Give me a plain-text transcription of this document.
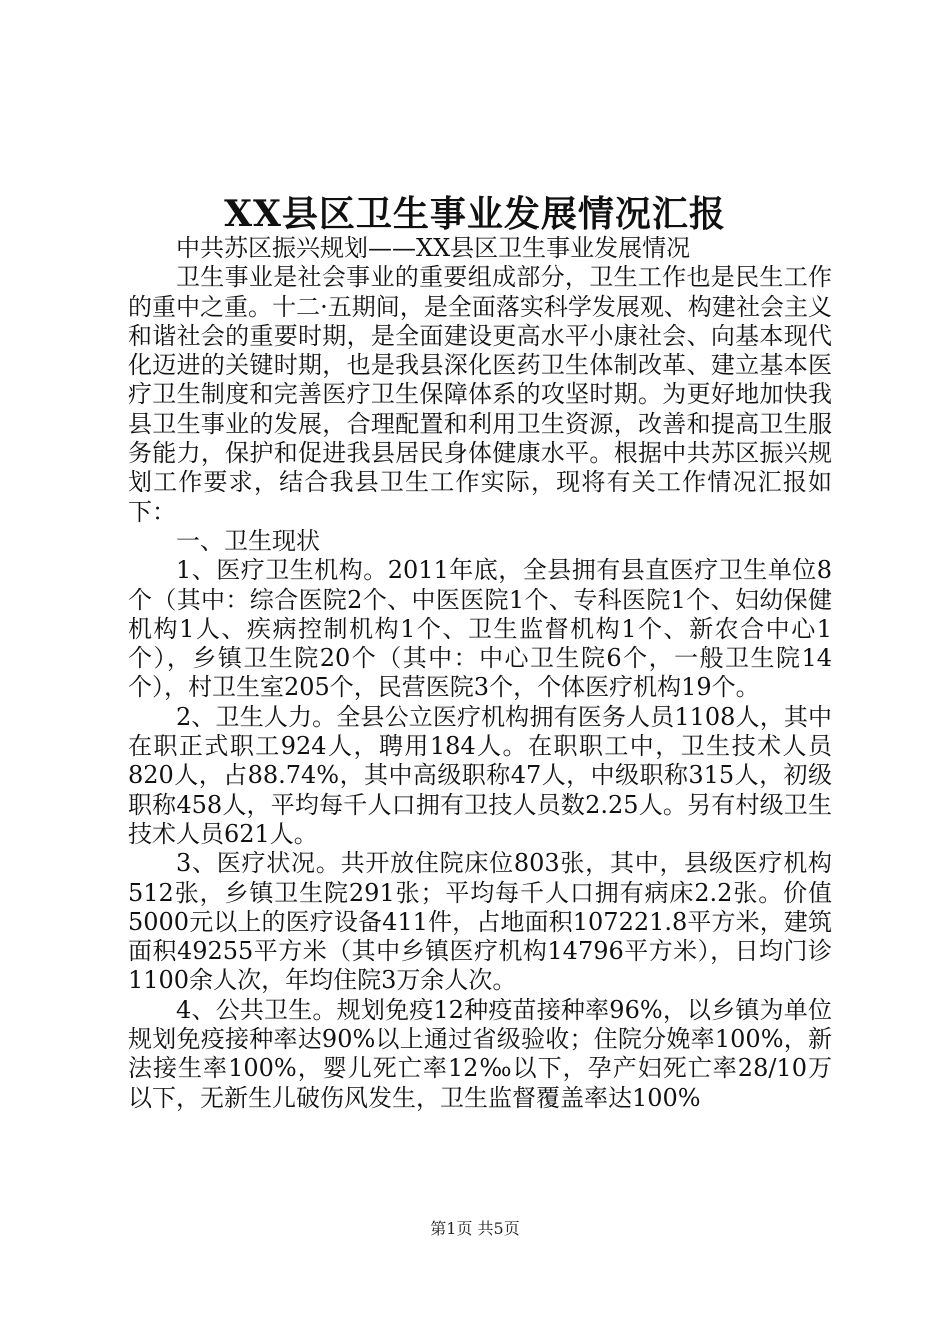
XX县区卫生事业发展情况汇报

中共苏区振兴规划——XX县区卫生事业发展情况

卫生事业是社会事业的重要组成部分，卫生工作也是民生工作的重中之重。十二·五期间，是全面落实科学发展观、构建社会主义和谐社会的重要时期，是全面建设更高水平小康社会、向基本现代化迈进的关键时期，也是我县深化医药卫生体制改革、建立基本医疗卫生制度和完善医疗卫生保障体系的攻坚时期。为更好地加快我县卫生事业的发展，合理配置和利用卫生资源，改善和提高卫生服务能力，保护和促进我县居民身体健康水平。根据中共苏区振兴规划工作要求，结合我县卫生工作实际，现将有关工作情况汇报如下：

一、卫生现状

1、医疗卫生机构。2011年底，全县拥有县直医疗卫生单位8个（其中：综合医院2个、中医医院1个、专科医院1个、妇幼保健机构1人、疾病控制机构1个、卫生监督机构1个、新农合中心1个），乡镇卫生院20个（其中：中心卫生院6个，一般卫生院14个），村卫生室205个，民营医院3个，个体医疗机构19个。

2、卫生人力。全县公立医疗机构拥有医务人员1108人，其中在职正式职工924人，聘用184人。在职职工中，卫生技术人员820人，占88.74%，其中高级职称47人，中级职称315人，初级职称458人，平均每千人口拥有卫技人员数2.25人。另有村级卫生技术人员621人。

3、医疗状况。共开放住院床位803张，其中，县级医疗机构512张，乡镇卫生院291张；平均每千人口拥有病床2.2张。价值5000元以上的医疗设备411件，占地面积107221.8平方米，建筑面积49255平方米（其中乡镇医疗机构14796平方米），日均门诊1100余人次，年均住院3万余人次。

4、公共卫生。规划免疫12种疫苗接种率96%，以乡镇为单位规划免疫接种率达90%以上通过省级验收；住院分娩率100%，新法接生率100%，婴儿死亡率12‰以下，孕产妇死亡率28/10万以下，无新生儿破伤风发生，卫生监督覆盖率达100%

第1页 共5页
